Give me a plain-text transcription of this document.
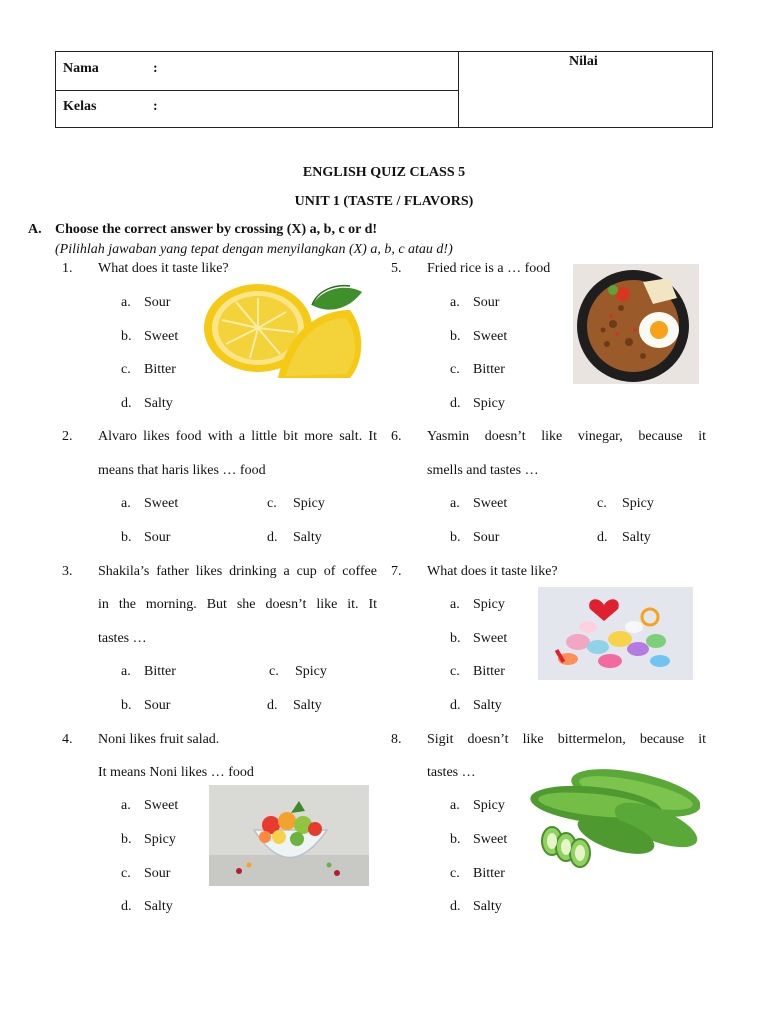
Nama	:
Kelas	:
Nilai
ENGLISH QUIZ CLASS 5
UNIT 1 (TASTE / FLAVORS)
A. Choose the correct answer by crossing (X) a, b, c or d!
(Pilihlah jawaban yang tepat dengan menyilangkan (X) a, b, c atau d!)
1. What does it taste like?
a. Sour
b. Sweet
c. Bitter
d. Salty
2. Alvaro likes food with a little bit more salt. It
means that haris likes … food
a. Sweet	c. Spicy
b. Sour	d. Salty
3. Shakila’s father likes drinking a cup of coffee
in the morning. But she doesn’t like it. It
tastes …
a. Bitter	c. Spicy
b. Sour	d. Salty
4. Noni likes fruit salad.
It means Noni likes … food
a. Sweet
b. Spicy
c. Sour
d. Salty
5. Fried rice is a … food
a. Sour
b. Sweet
c. Bitter
d. Spicy
6. Yasmin doesn’t like vinegar, because it
smells and tastes …
a. Sweet	c. Spicy
b. Sour	d. Salty
7. What does it taste like?
a. Spicy
b. Sweet
c. Bitter
d. Salty
8. Sigit doesn’t like bittermelon, because it
tastes …
a. Spicy
b. Sweet
c. Bitter
d. Salty
